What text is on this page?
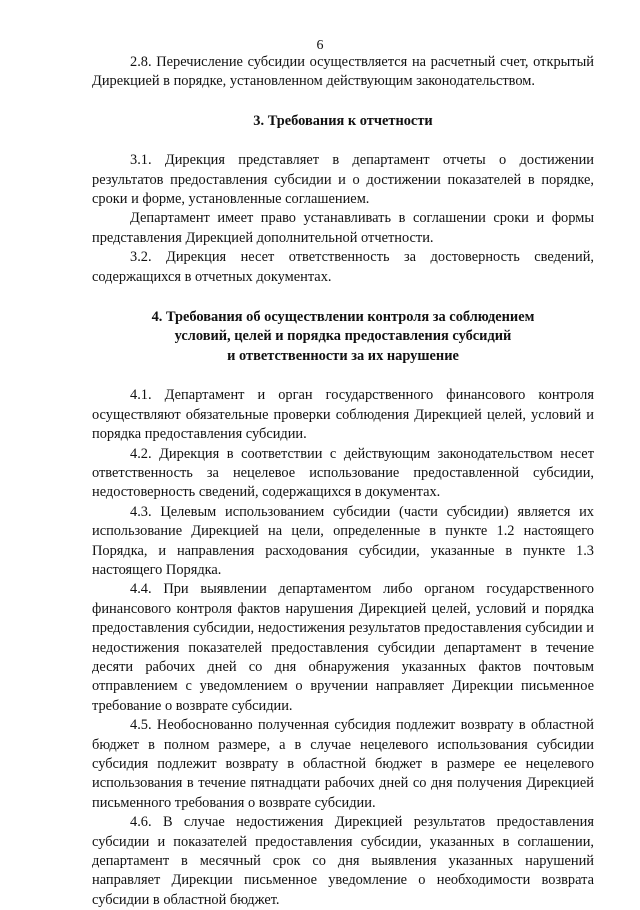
6

2.8. Перечисление субсидии осуществляется на расчетный счет, открытый Дирекцией в порядке, установленном действующим законодательством.

3. Требования к отчетности

3.1. Дирекция представляет в департамент отчеты о достижении результатов предоставления субсидии и о достижении показателей в порядке, сроки и форме, установленные соглашением.

Департамент имеет право устанавливать в соглашении сроки и формы представления Дирекцией дополнительной отчетности.

3.2. Дирекция несет ответственность за достоверность сведений, содержащихся в отчетных документах.

4. Требования об осуществлении контроля за соблюдением
условий, целей и порядка предоставления субсидий
и ответственности за их нарушение

4.1. Департамент и орган государственного финансового контроля осуществляют обязательные проверки соблюдения Дирекцией целей, условий и порядка предоставления субсидии.

4.2. Дирекция в соответствии с действующим законодательством несет ответственность за нецелевое использование предоставленной субсидии, недостоверность сведений, содержащихся в документах.

4.3. Целевым использованием субсидии (части субсидии) является их использование Дирекцией на цели, определенные в пункте 1.2 настоящего Порядка, и направления расходования субсидии, указанные в пункте 1.3 настоящего Порядка.

4.4. При выявлении департаментом либо органом государственного финансового контроля фактов нарушения Дирекцией целей, условий и порядка предоставления субсидии, недостижения результатов предоставления субсидии и недостижения показателей предоставления субсидии департамент в течение десяти рабочих дней со дня обнаружения указанных фактов почтовым отправлением с уведомлением о вручении направляет Дирекции письменное требование о возврате субсидии.

4.5. Необоснованно полученная субсидия подлежит возврату в областной бюджет в полном размере, а в случае нецелевого использования субсидии субсидия подлежит возврату в областной бюджет в размере ее нецелевого использования в течение пятнадцати рабочих дней со дня получения Дирекцией письменного требования о возврате субсидии.

4.6. В случае недостижения Дирекцией результатов предоставления субсидии и показателей предоставления субсидии, указанных в соглашении, департамент в месячный срок со дня выявления указанных нарушений направляет Дирекции письменное уведомление о необходимости возврата субсидии в областной бюджет.
